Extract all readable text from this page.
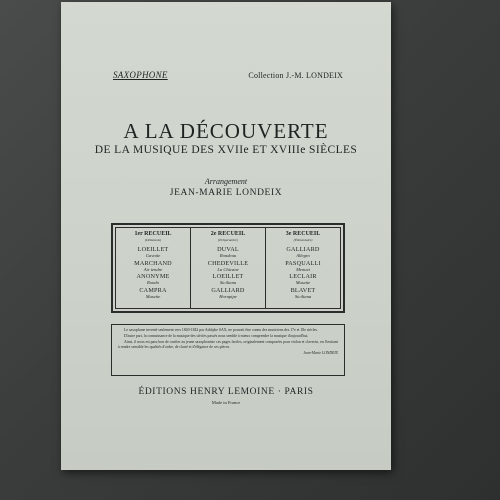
SAXOPHONE	Collection J.-M. LONDEIX
A LA DÉCOUVERTE
DE LA MUSIQUE DES XVIIe ET XVIIIe SIÈCLES
Arrangement
JEAN-MARIE LONDEIX
1er RECUEIL
(Débutants)
LOEILLET
Gavotte
MARCHAND
Air tendre
ANONYME
Rondo
CAMPRA
Musette
2e RECUEIL
(Préparatoire)
DUVAL
Rondeau
CHEDEVILLE
La Chicane
LOEILLET
Siciliana
GALLIARD
Hornpipe
3e RECUEIL
(Élémentaire)
GALLIARD
Allegro
PASQUALLI
Menuet
LECLAIR
Musette
BLAVET
Siciliana

Le saxophone inventé seulement vers 1840-1842 par Adolphe SAX, ne pouvait être connu des musiciens des 17e et 18e siècles.

D'autre part, la connaissance de la musique des siècles passés nous semble à mieux comprendre la musique d'aujourd'hui.

Ainsi, il nous est paru bon de confier au jeune saxophoniste ces pages faciles, originalement composées pour violon et clavecin, en l'invitant à rendre sensible les qualités d'ordre, de clarté et d'élégance de ces pièces.

Jean-Marie LONDEIX
ÉDITIONS HENRY LEMOINE · PARIS
Made in France
